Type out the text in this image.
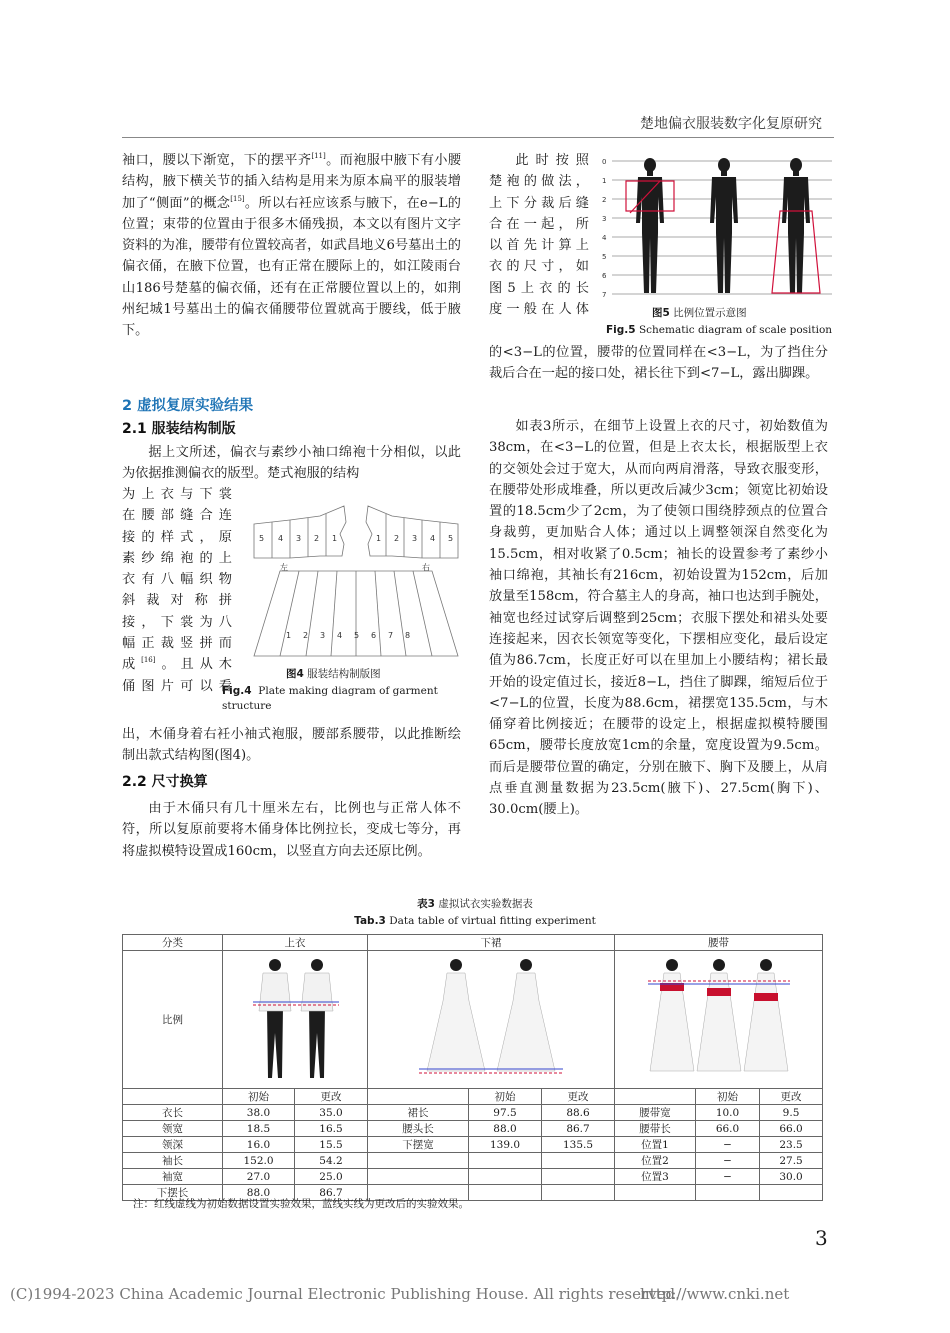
楚地偏衣服装数字化复原研究

袖口，腰以下渐宽，下的摆平齐[11]。而袍服中腋下有小腰结构，腋下横关节的插入结构是用来为原本扁平的服装增加了“侧面”的概念[15]。所以右衽应该系与腋下，在e−L的位置；束带的位置由于很多木俑残损，本文以有图片文字资料的为准，腰带有位置较高者，如武昌地义6号墓出土的偏衣俑，在腋下位置，也有正常在腰际上的，如江陵雨台山186号楚墓的偏衣俑，还有在正常腰位置以上的，如荆州纪城1号墓出土的偏衣俑腰带位置就高于腰线，低于腋下。

2 虚拟复原实验结果
2.1 服装结构制版
据上文所述，偏衣与素纱小袖口绵袍十分相似，以此为依据推测偏衣的版型。楚式袍服的结构
为上衣与下裳
在腰部缝合连
接的样式，原
素纱绵袍的上
衣有八幅织物
斜裁对称拼
接，下裳为八
幅正裁竖拼而
成[16]。且从木
俑图片可以看
5 4 3 2 1	1 2 3 4 5
左	右
1 2 3 4 5 6 7 8
图4 服装结构制版图
Fig.4 Plate making diagram of garment structure
出，木俑身着右衽小袖式袍服，腰部系腰带，以此推断绘制出款式结构图(图4)。
2.2 尺寸换算
由于木俑只有几十厘米左右，比例也与正常人体不符，所以复原前要将木俑身体比例拉长，变成七等分，再将虚拟模特设置成160cm，以竖直方向去还原比例。
此时按照
楚袍的做法，
上下分裁后缝
合在一起，所
以首先计算上
衣的尺寸，如
图5上衣的长
度一般在人体
0
1
2
3
4
5
6
7
图5 比例位置示意图
Fig.5 Schematic diagram of scale position
的<3−L的位置，腰带的位置同样在<3−L，为了挡住分裁后合在一起的接口处，裙长往下到<7−L，露出脚踝。
如表3所示，在细节上设置上衣的尺寸，初始数值为38cm，在<3−L的位置，但是上衣太长，根据版型上衣的交领处会过于宽大，从而向两肩滑落，导致衣服变形，在腰带处形成堆叠，所以更改后减少3cm；领宽比初始设置的18.5cm少了2cm，为了使领口围绕脖颈点的位置合身裁剪，更加贴合人体；通过以上调整领深自然变化为15.5cm，相对收紧了0.5cm；袖长的设置参考了素纱小袖口绵袍，其袖长有216cm，初始设置为152cm，后加放量至158cm，符合墓主人的身高，袖口也达到手腕处，袖宽也经过试穿后调整到25cm；衣服下摆处和裙头处要连接起来，因衣长领宽等变化，下摆相应变化，最后设定值为86.7cm，长度正好可以在里加上小腰结构；裙长最开始的设定值过长，接近8−L，挡住了脚踝，缩短后位于<7−L的位置，长度为88.6cm，裙摆宽135.5cm，与木俑穿着比例接近；在腰带的设定上，根据虚拟模特腰围65cm，腰带长度放宽1cm的余量，宽度设置为9.5cm。而后是腰带位置的确定，分别在腋下、胸下及腰上，从肩点垂直测量数据为23.5cm(腋下)、27.5cm(胸下)、30.0cm(腰上)。
表3 虚拟试衣实验数据表
Tab.3 Data table of virtual fitting experiment
分类	上衣		下裙			腰带		
比例			
	初始	更改		初始	更改		初始	更改
衣长	38.0	35.0	裙长	97.5	88.6	腰带宽	10.0	9.5
领宽	18.5	16.5	腰头长	88.0	86.7	腰带长	66.0	66.0
领深	16.0	15.5	下摆宽	139.0	135.5	位置1	−	23.5
袖长	152.0	54.2				位置2	−	27.5
袖宽	27.0	25.0				位置3	−	30.0
下摆长	88.0	86.7						
注：红线虚线为初始数据设置实验效果，蓝线实线为更改后的实验效果。
3
(C)1994-2023 China Academic Journal Electronic Publishing House. All rights reserved.
http://www.cnki.net
